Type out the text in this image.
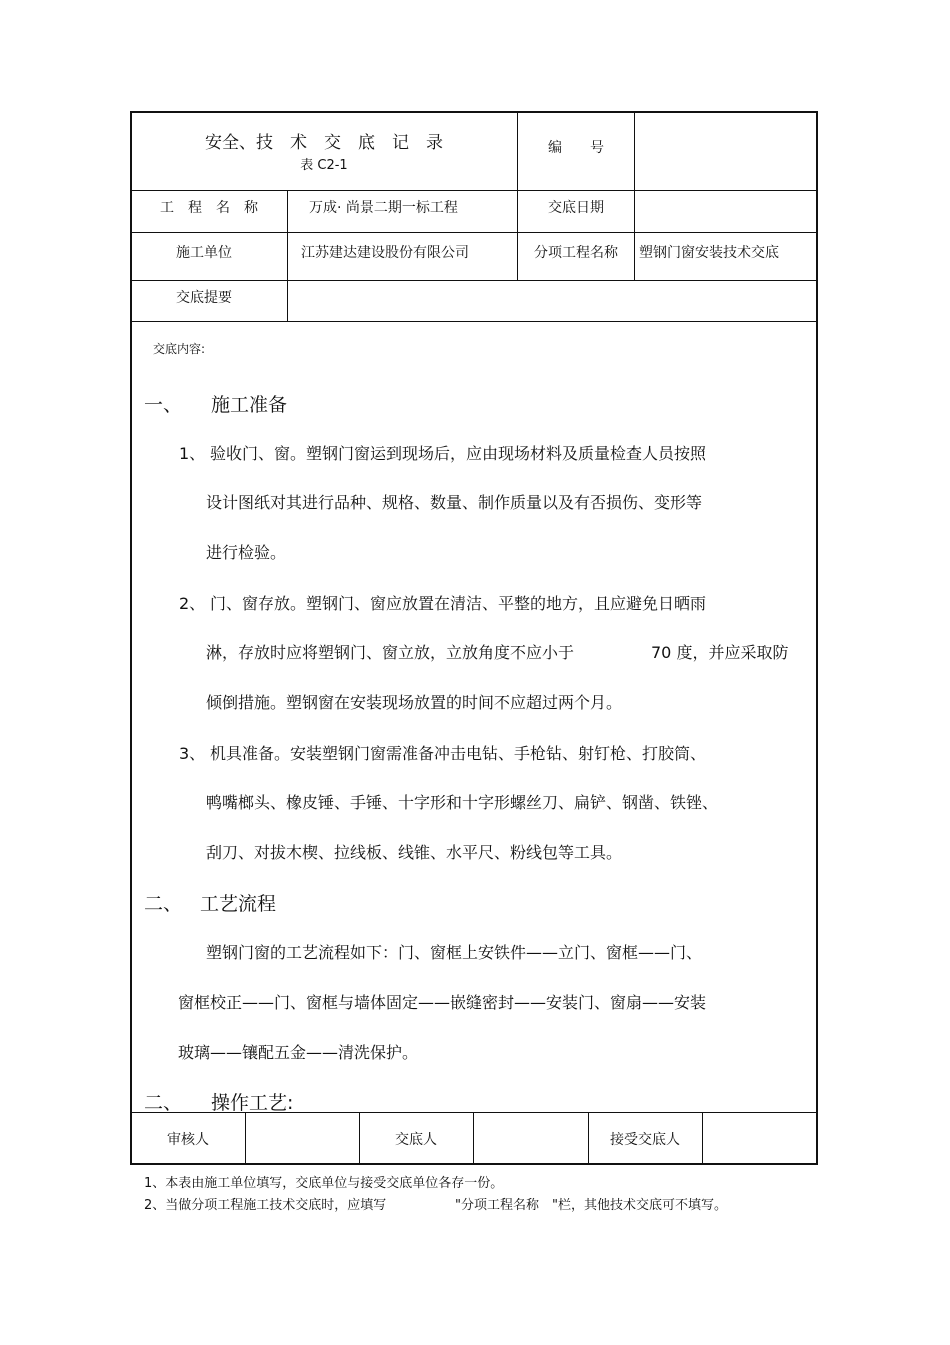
安全、技　术　交　底　记　录
表 C2-1
编　　号
工　程　名　称	万成· 尚景二期一标工程	交底日期
施工单位	江苏建达建设股份有限公司	分项工程名称	塑钢门窗安装技术交底
交底提要
交底内容:
一、 施工准备
1、 验收门、窗。塑钢门窗运到现场后，应由现场材料及质量检查人员按照
设计图纸对其进行品种、规格、数量、制作质量以及有否损伤、变形等
进行检验。
2、 门、窗存放。塑钢门、窗应放置在清洁、平整的地方，且应避免日晒雨
淋，存放时应将塑钢门、窗立放，立放角度不应小于	70 度，并应采取防
倾倒措施。塑钢窗在安装现场放置的时间不应超过两个月。
3、 机具准备。安装塑钢门窗需准备冲击电钻、手枪钻、射钉枪、打胶筒、
鸭嘴榔头、橡皮锤、手锤、十字形和十字形螺丝刀、扁铲、钢凿、铁锉、
刮刀、对拔木楔、拉线板、线锥、水平尺、粉线包等工具。
二、 工艺流程
塑钢门窗的工艺流程如下：门、窗框上安铁件——立门、窗框——门、
窗框校正——门、窗框与墙体固定——嵌缝密封——安装门、窗扇——安装
玻璃——镶配五金——清洗保护。
二、 操作工艺:
审核人	交底人	接受交底人
1、本表由施工单位填写，交底单位与接受交底单位各存一份。
2、当做分项工程施工技术交底时，应填写	"分项工程名称　"栏，其他技术交底可不填写。
